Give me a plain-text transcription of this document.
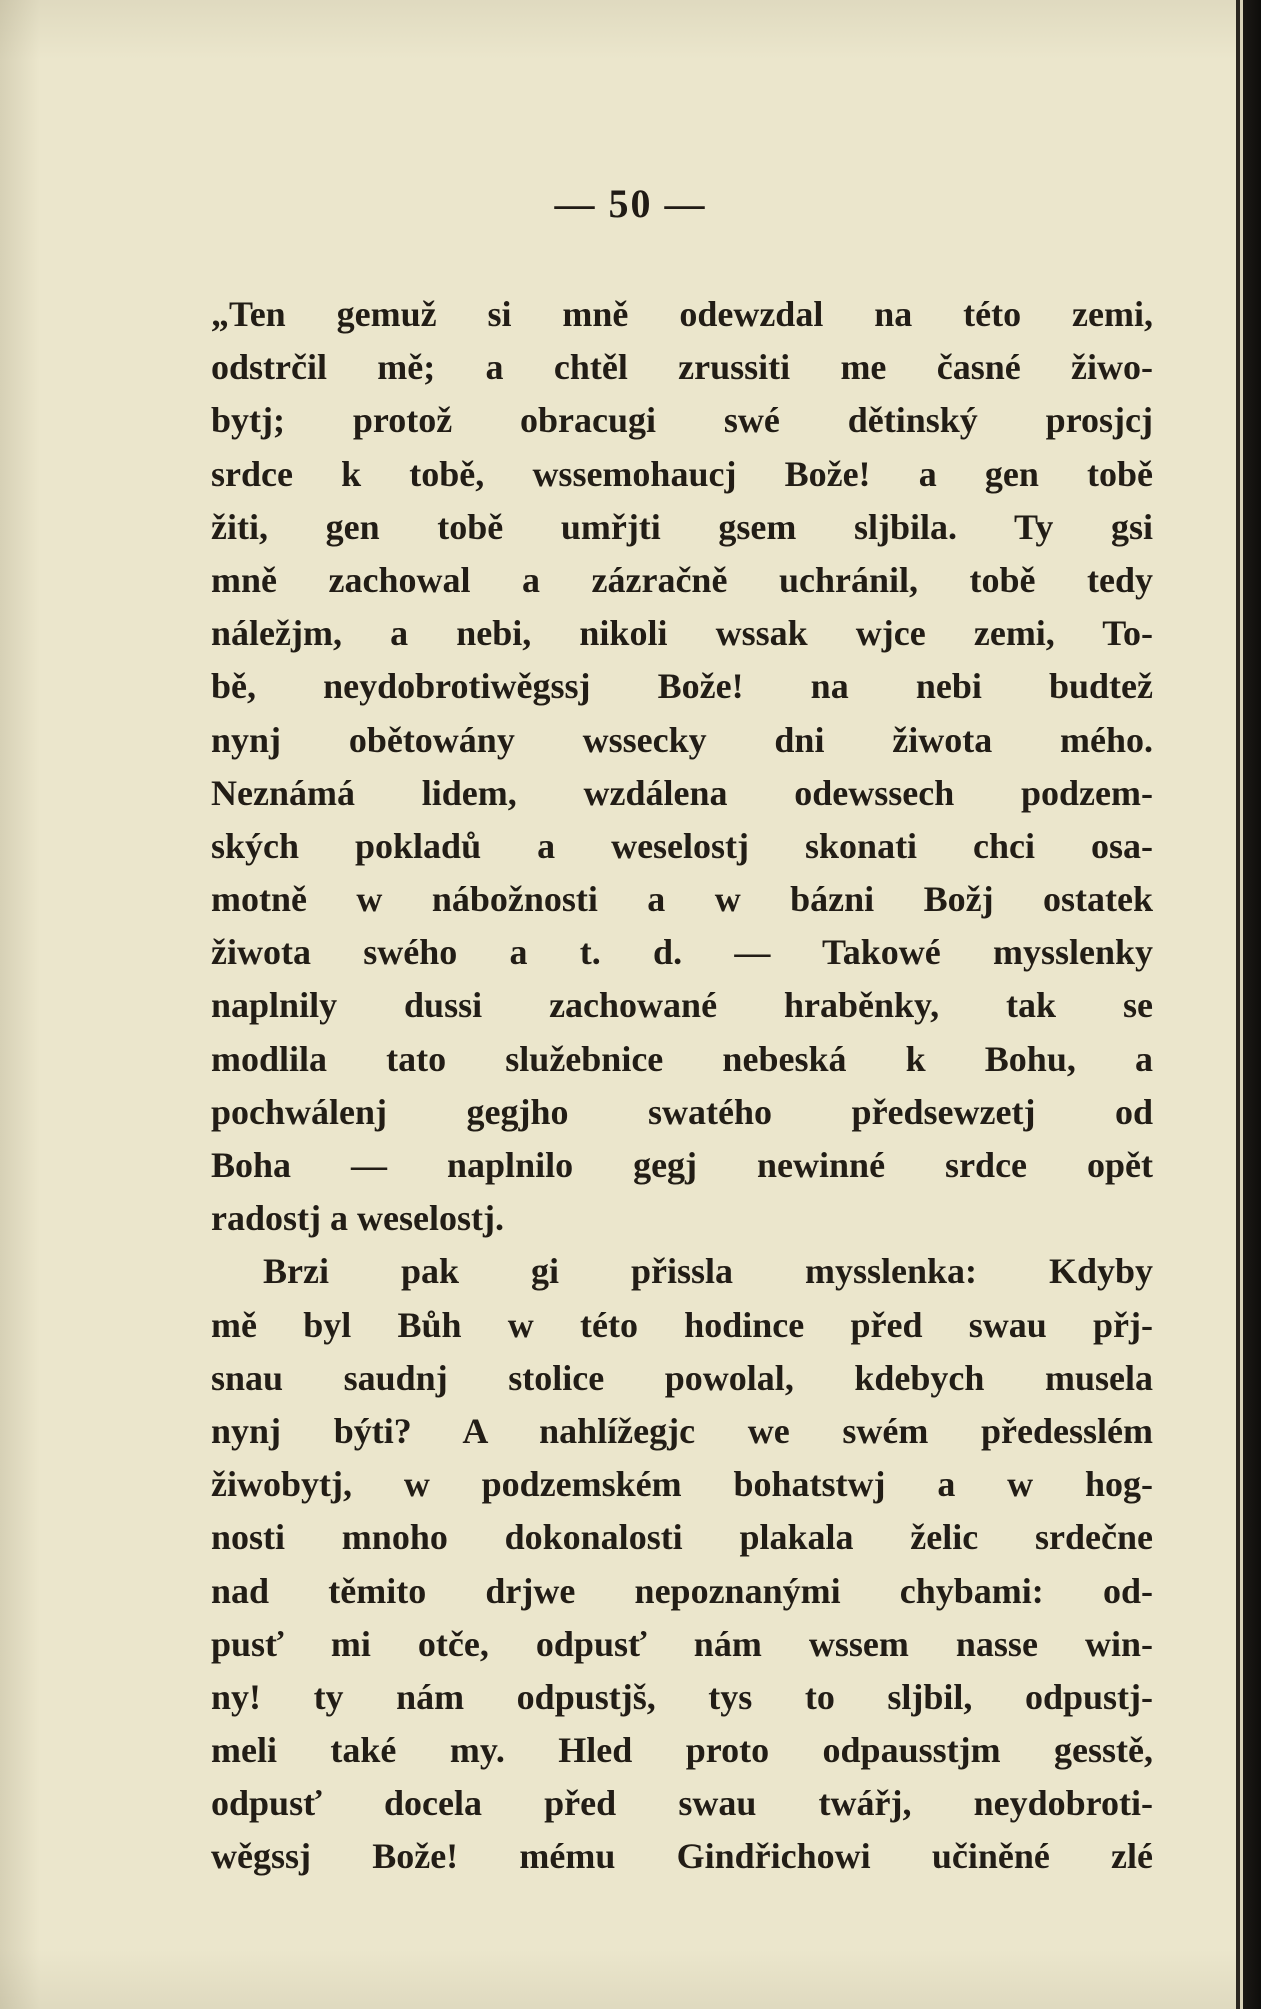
— 50 —
„Ten gemuž si mně odewzdal na této zemi,
odstrčil mě; a chtěl zrussiti me časné žiwo-
bytj; protož obracugi swé dětinský prosjcj
srdce k tobě, wssemohaucj Bože! a gen tobě
žiti, gen tobě umřjti gsem sljbila. Ty gsi
mně zachowal a zázračně uchránil, tobě tedy
náležjm, a nebi, nikoli wssak wjce zemi, To-
bě, neydobrotiwěgssj Bože! na nebi budtež
nynj obětowány wssecky dni žiwota mého.
Neznámá lidem, wzdálena odewssech podzem-
ských pokladů a weselostj skonati chci osa-
motně w nábožnosti a w bázni Božj ostatek
žiwota swého a t. d. — Takowé mysslenky
naplnily dussi zachowané hraběnky, tak se
modlila tato služebnice nebeská k Bohu, a
pochwálenj gegjho swatého předsewzetj od
Boha — naplnilo gegj newinné srdce opět
radostj a weselostj.
Brzi pak gi přissla mysslenka: Kdyby
mě byl Bůh w této hodince před swau přj-
snau saudnj stolice powolal, kdebych musela
nynj býti? A nahlížegjc we swém předesslém
žiwobytj, w podzemském bohatstwj a w hog-
nosti mnoho dokonalosti plakala želic srdečne
nad těmito drjwe nepoznanými chybami: od-
pusť mi otče, odpusť nám wssem nasse win-
ny! ty nám odpustjš, tys to sljbil, odpustj-
meli také my. Hled proto odpausstjm gesstě,
odpusť docela před swau twářj, neydobroti-
wěgssj Bože! mému Gindřichowi učiněné zlé
